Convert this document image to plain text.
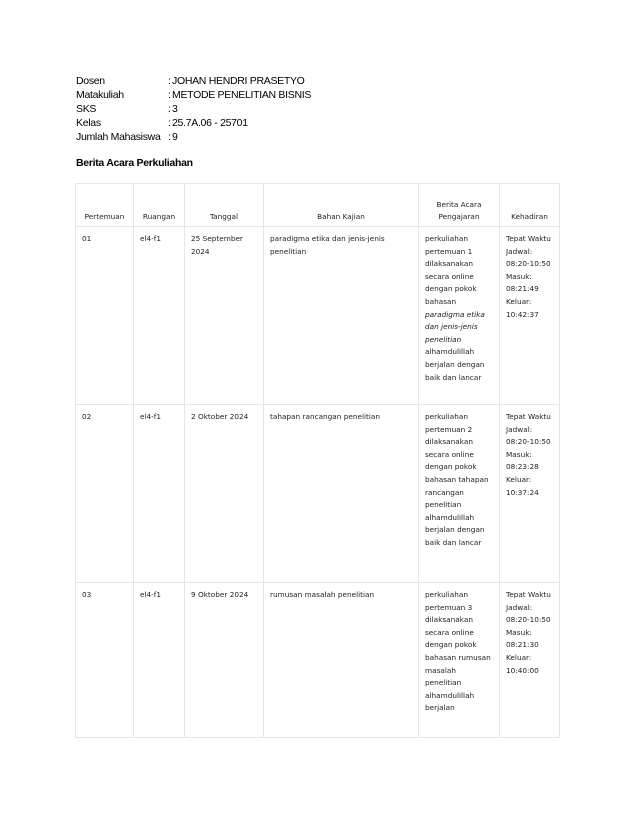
Dosen	: JOHAN HENDRI PRASETYO
Matakuliah	: METODE PENELITIAN BISNIS
SKS	: 3
Kelas	: 25.7A.06 - 25701
Jumlah Mahasiswa : 9
Berita Acara Perkuliahan
Pertemuan	Ruangan	Tanggal	Bahan Kajian	Berita Acara Pengajaran	Kehadiran
01	el4-f1	25 September 2024	paradigma etika dan jenis-jenis penelitian	perkuliahan pertemuan 1 dilaksanakan secara online dengan pokok bahasan paradigma etika dan jenis-jenis penelitian alhamdulillah berjalan dengan baik dan lancar	Tepat Waktu
Jadwal: 08:20-10:50
Masuk: 08:21:49
Keluar: 10:42:37

02	el4-f1	2 Oktober 2024	tahapan rancangan penelitian	perkuliahan pertemuan 2 dilaksanakan secara online dengan pokok bahasan tahapan rancangan penelitian alhamdulillah berjalan dengan baik dan lancar	Tepat Waktu
Jadwal: 08:20-10:50
Masuk: 08:23:28
Keluar: 10:37:24

03	el4-f1	9 Oktober 2024	rumusan masalah penelitian	perkuliahan pertemuan 3 dilaksanakan secara online dengan pokok bahasan rumusan masalah penelitian alhamdulillah berjalan	Tepat Waktu
Jadwal: 08:20-10:50
Masuk: 08:21:30
Keluar: 10:40:00
